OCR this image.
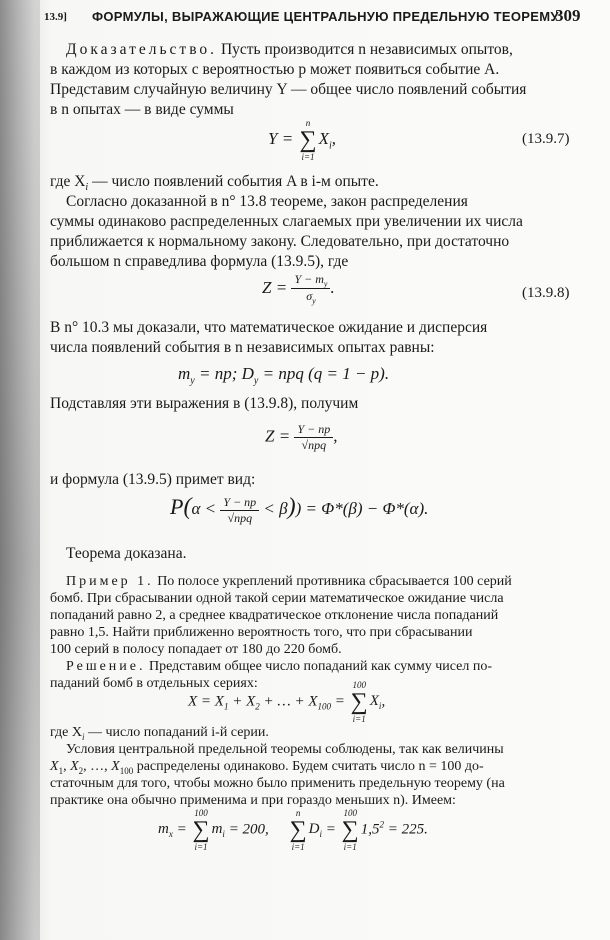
13.9] ФОРМУЛЫ, ВЫРАЖАЮЩИЕ ЦЕНТРАЛЬНУЮ ПРЕДЕЛЬНУЮ ТЕОРЕМУ
309
Доказательство. Пусть производится n независимых опытов,
в каждом из которых с вероятностью p может появиться событие A.
Представим случайную величину Y — общее число появлений события
в n опытах — в виде суммы
Y =
n
∑
i=1
$X_i$,	(13.9.7)
где $X_i$ — число появлений события A в i-м опыте.
Согласно доказанной в n° 13.8 теореме, закон распределения
суммы одинаково распределенных слагаемых при увеличении их числа
приближается к нормальному закону. Следовательно, при достаточно
большом n справедлива формула (13.9.5), где
$Z = \frac{Y - m_y}{\sigma_y}$ .	(13.9.8)
В n° 10.3 мы доказали, что математическое ожидание и дисперсия
числа появлений события в n независимых опытах равны:
$m_y$ = np; $D_y$ = npq (q = 1 − p).
Подставляя эти выражения в (13.9.8), получим
$Z = \frac{Y - np}{\text{√npq}}$ ,
и формула (13.9.5) примет вид:
$P(\alpha < \frac{Y - np}{\text{√npq}} < \beta)) = \Phi*(\beta) - \Phi*(\alpha)$.
Теорема доказана.
Пример 1. По полосе укреплений противника сбрасывается 100 серий
бомб. При сбрасывании одной такой серии математическое ожидание числа
попаданий равно 2, а среднее квадратическое отклонение числа попаданий
равно 1,5. Найти приближенно вероятность того, что при сбрасывании
100 серий в полосу попадает от 180 до 220 бомб.
Решение. Представим общее число попаданий как сумму чисел по-
паданий бомб в отдельных сериях:
$X = X_1 + X_2$ + … + $X_{100}$ =
100
∑
i=1
$X_i$,
где $X_i$ — число попаданий i-й серии.
Условия центральной предельной теоремы соблюдены, так как величины
$X_1$, $X_2$, …, $X_{100}$ распределены одинаково. Будем считать число n = 100 до-
статочным для того, чтобы можно было применить предельную теорему (на
практике она обычно применима и при гораздо меньших n). Имеем:
$m_x$ =
100
∑
i=1
$m_i = 200$,
n
∑
i=1
$D_i$ =
100
∑
i=1
$1,5^2 = 225$.
